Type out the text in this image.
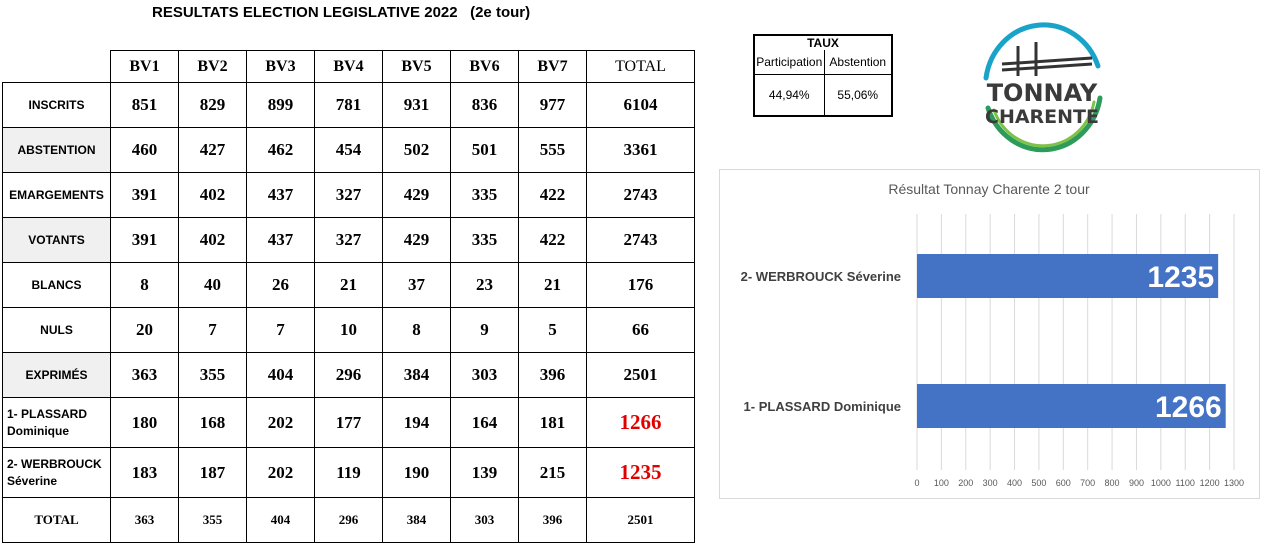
RESULTATS ELECTION LEGISLATIVE 2022   (2e tour)
	BV1	BV2	BV3	BV4	BV5	BV6	BV7	TOTAL
INSCRITS	851	829	899	781	931	836	977	6104
ABSTENTION	460	427	462	454	502	501	555	3361
EMARGEMENTS	391	402	437	327	429	335	422	2743
VOTANTS	391	402	437	327	429	335	422	2743
BLANCS	8	40	26	21	37	23	21	176
NULS	20	7	7	10	8	9	5	66
EXPRIMÉS	363	355	404	296	384	303	396	2501

1- PLASSARD
Dominique	180	168	202	177	194	164	181	1266

2- WERBROUCK
Séverine	183	187	202	119	190	139	215	1235
TOTAL	363	355	404	296	384	303	396	2501
TAUX	
Participation	Abstention
44,94%	55,06%	TONNAY
CHARENTE
Résultat Tonnay Charente 2 tour
2- WERBROUCK Séverine	1235
1- PLASSARD Dominique	1266
0 100 200 300 400 500 600 700 800 900 1000 1100 1200 1300
